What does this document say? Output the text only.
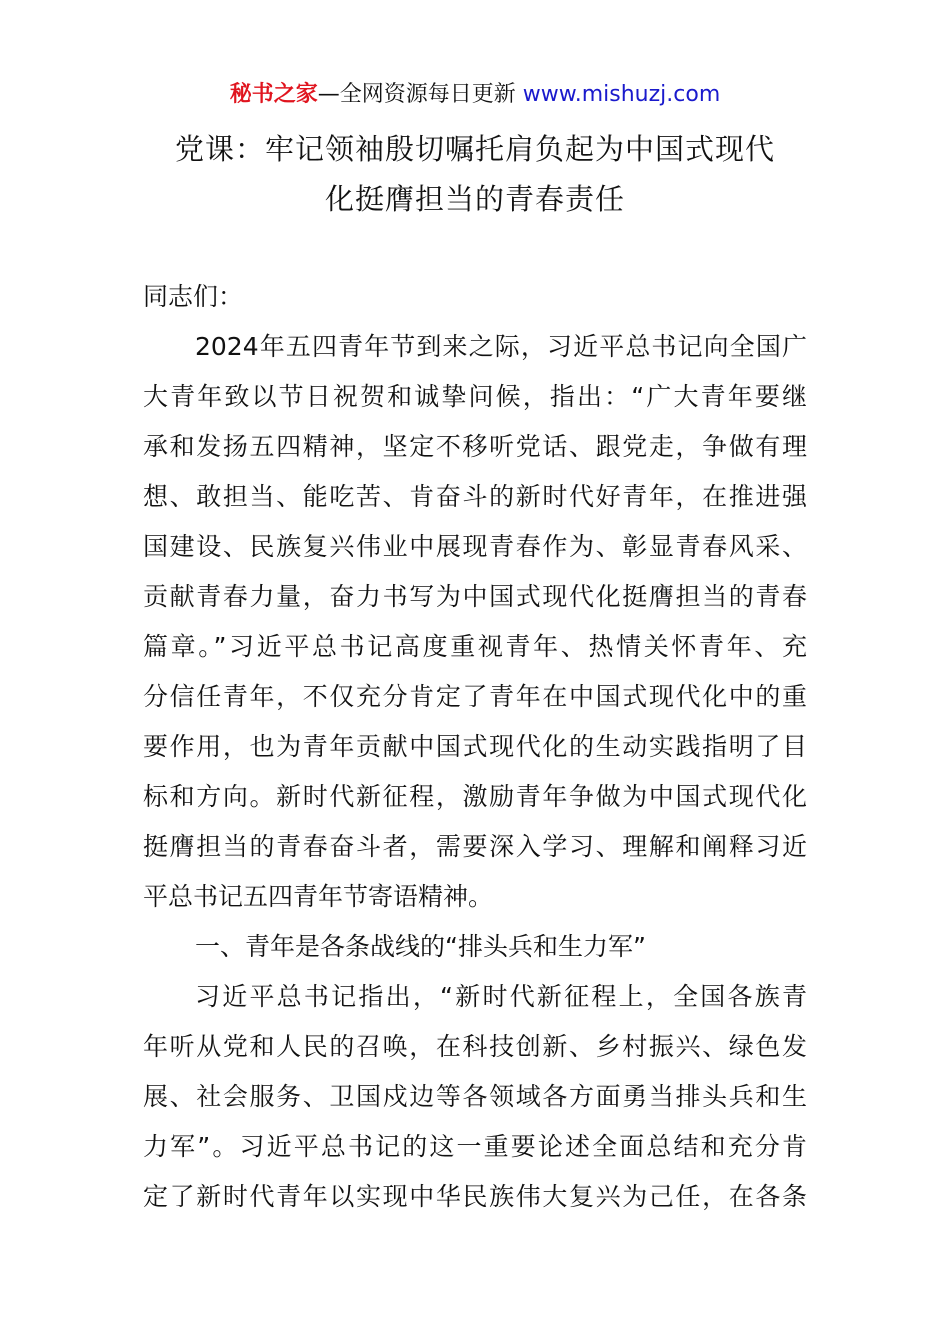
秘书之家—全网资源每日更新 www.mishuzj.com
党课：牢记领袖殷切嘱托肩负起为中国式现代
化挺膺担当的青春责任
同志们：
2024年五四青年节到来之际，习近平总书记向全国广
大青年致以节日祝贺和诚挚问候，指出：“广大青年要继
承和发扬五四精神，坚定不移听党话、跟党走，争做有理
想、敢担当、能吃苦、肯奋斗的新时代好青年，在推进强
国建设、民族复兴伟业中展现青春作为、彰显青春风采、
贡献青春力量，奋力书写为中国式现代化挺膺担当的青春
篇章。”习近平总书记高度重视青年、热情关怀青年、充
分信任青年，不仅充分肯定了青年在中国式现代化中的重
要作用，也为青年贡献中国式现代化的生动实践指明了目
标和方向。新时代新征程，激励青年争做为中国式现代化
挺膺担当的青春奋斗者，需要深入学习、理解和阐释习近
平总书记五四青年节寄语精神。
一、青年是各条战线的“排头兵和生力军”
习近平总书记指出，“新时代新征程上，全国各族青
年听从党和人民的召唤，在科技创新、乡村振兴、绿色发
展、社会服务、卫国戍边等各领域各方面勇当排头兵和生
力军”。习近平总书记的这一重要论述全面总结和充分肯
定了新时代青年以实现中华民族伟大复兴为己任，在各条
